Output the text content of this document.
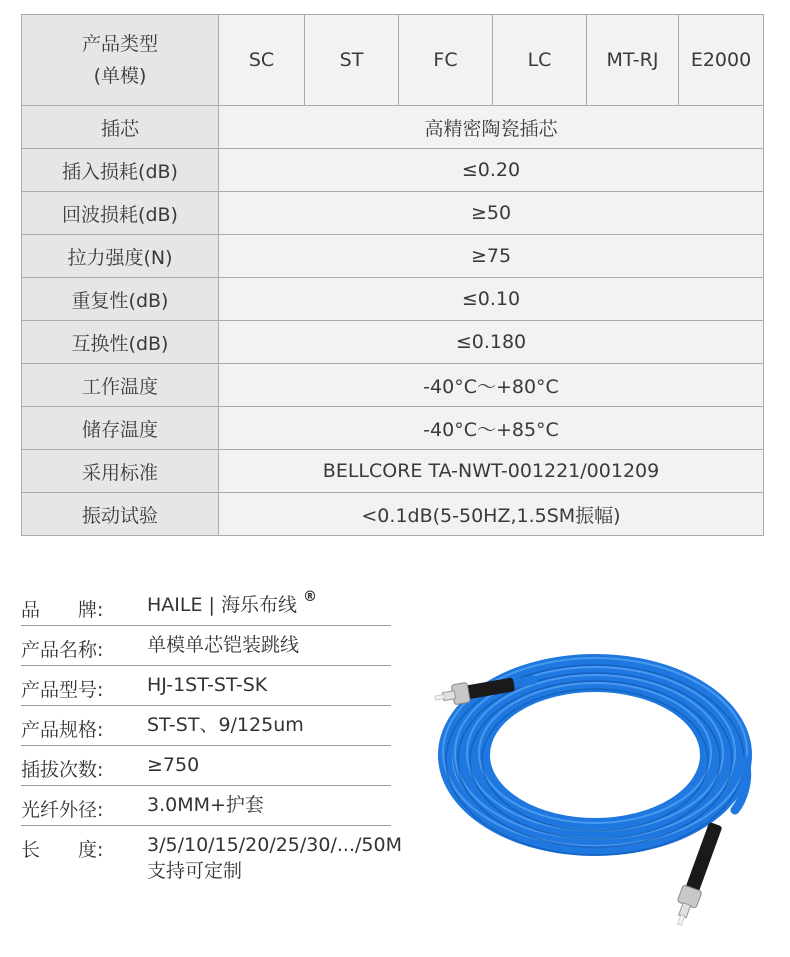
产品类型
(单模)	SC	ST	FC	LC	MT-RJ	E2000
插芯	高精密陶瓷插芯					
插入损耗(dB)	≤0.20					
回波损耗(dB)	≥50					
拉力强度(N)	≥75					
重复性(dB)	≤0.10					
互换性(dB)	≤0.180					
工作温度	-40°C～+80°C					
储存温度	-40°C～+85°C					
采用标准	BELLCORE TA-NWT-001221/001209					
振动试验	<0.1dB(5-50HZ,1.5SM振幅)					
品　　牌:	HAILE | 海乐布线 ®
产品名称:	单模单芯铠装跳线
产品型号:	HJ-1ST-ST-SK
产品规格:	ST-ST、9/125um
插拔次数:	≥750
光纤外径:	3.0MM+护套
长　　度:	3/5/10/15/20/25/30/.../50M
支持可定制
